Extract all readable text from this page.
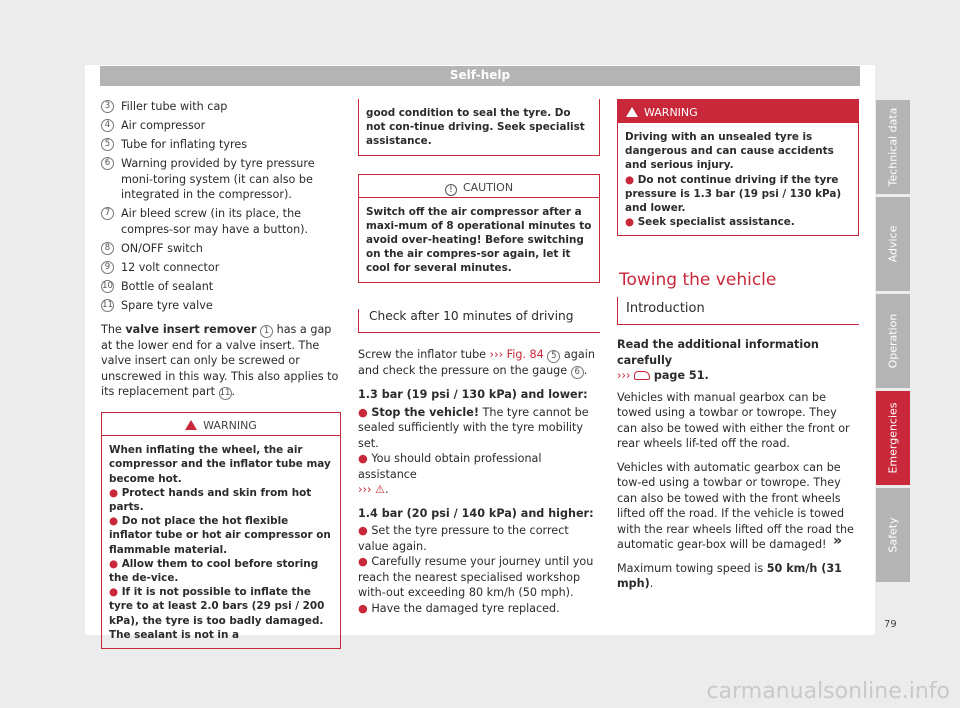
Self-help
3 Filler tube with cap
4 Air compressor
5 Tube for inflating tyres
6 Warning provided by tyre pressure moni-toring system (it can also be integrated in the compressor).
7 Air bleed screw (in its place, the compres-sor may have a button).
8 ON/OFF switch
9 12 volt connector
10 Bottle of sealant
11 Spare tyre valve

The valve insert remover 1 has a gap at the lower end for a valve insert. The valve insert can only be screwed or unscrewed in this way. This also applies to its replacement part 11.

WARNING
When inflating the wheel, the air compressor and the inflator tube may become hot.
● Protect hands and skin from hot parts.
● Do not place the hot flexible inflator tube or hot air compressor on flammable material.
● Allow them to cool before storing the de-vice.
● If it is not possible to inflate the tyre to at least 2.0 bars (29 psi / 200 kPa), the tyre is too badly damaged. The sealant is not in a
good condition to seal the tyre. Do not con-tinue driving. Seek specialist assistance.
! CAUTION
Switch off the air compressor after a maxi-mum of 8 operational minutes to avoid over-heating! Before switching on the air compres-sor again, let it cool for several minutes.
Check after 10 minutes of driving

Screw the inflator tube ››› Fig. 84 5 again and check the pressure on the gauge 6 .

1.3 bar (19 psi / 130 kPa) and lower:

● Stop the vehicle! The tyre cannot be sealed sufficiently with the tyre mobility set.
● You should obtain professional assistance
››› ⚠.

1.4 bar (20 psi / 140 kPa) and higher:

● Set the tyre pressure to the correct value again.
● Carefully resume your journey until you reach the nearest specialised workshop with-out exceeding 80 km/h (50 mph).
● Have the damaged tyre replaced.
WARNING
Driving with an unsealed tyre is dangerous and can cause accidents and serious injury.
● Do not continue driving if the tyre pressure is 1.3 bar (19 psi / 130 kPa) and lower.
● Seek specialist assistance.
Towing the vehicle
Introduction

Read the additional information carefully
›››  page 51.

Vehicles with manual gearbox can be towed using a towbar or towrope. They can also be towed with either the front or rear wheels lif-ted off the road.

Vehicles with automatic gearbox can be tow-ed using a towbar or towrope. They can also be towed with the front wheels lifted off the road. If the vehicle is towed with the rear wheels lifted off the road the automatic gear-box will be damaged!

Maximum towing speed is 50 km/h (31 mph).

»
Technical data
Advice
Operation
Emergencies
Safety
79
carmanualsonline.info
